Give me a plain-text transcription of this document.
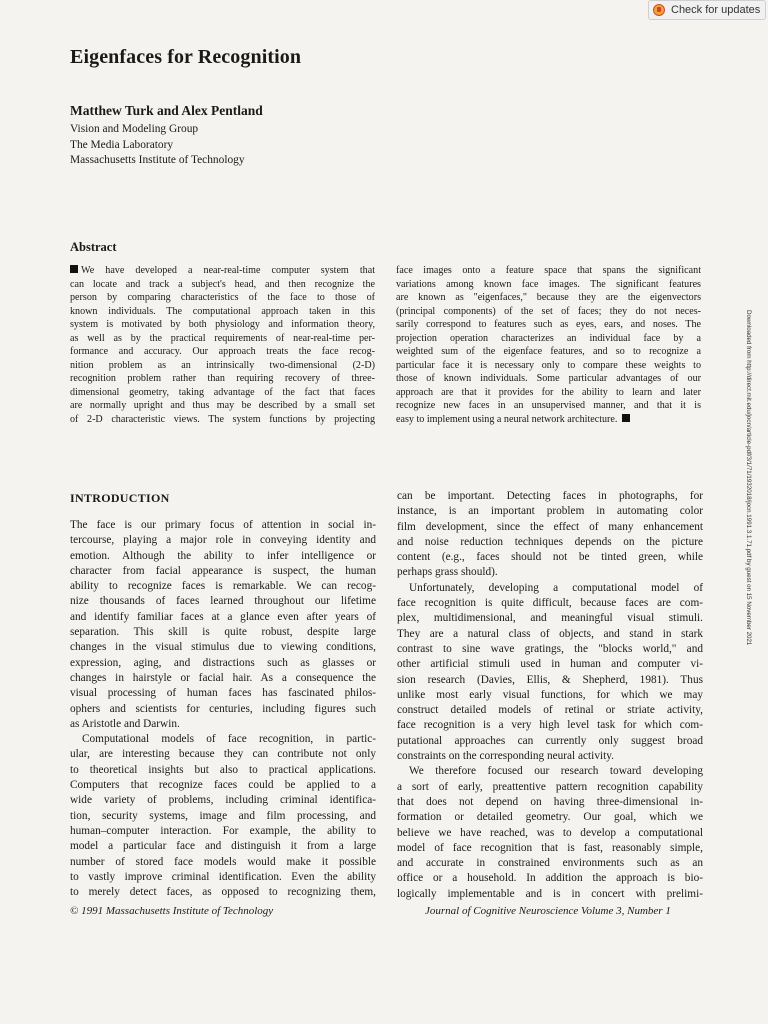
Check for updates
Eigenfaces for Recognition
Matthew Turk and Alex Pentland
Vision and Modeling Group
The Media Laboratory
Massachusetts Institute of Technology
Abstract
We have developed a near-real-time computer system that
can locate and track a subject's head, and then recognize the
person by comparing characteristics of the face to those of
known individuals. The computational approach taken in this
system is motivated by both physiology and information theory,
as well as by the practical requirements of near-real-time per-
formance and accuracy. Our approach treats the face recog-
nition problem as an intrinsically two-dimensional (2-D)
recognition problem rather than requiring recovery of three-
dimensional geometry, taking advantage of the fact that faces
are normally upright and thus may be described by a small set
of 2-D characteristic views. The system functions by projecting
face images onto a feature space that spans the significant
variations among known face images. The significant features
are known as "eigenfaces," because they are the eigenvectors
(principal components) of the set of faces; they do not neces-
sarily correspond to features such as eyes, ears, and noses. The
projection operation characterizes an individual face by a
weighted sum of the eigenface features, and so to recognize a
particular face it is necessary only to compare these weights to
those of known individuals. Some particular advantages of our
approach are that it provides for the ability to learn and later
recognize new faces in an unsupervised manner, and that it is
easy to implement using a neural network architecture.
INTRODUCTION
The face is our primary focus of attention in social in-
tercourse, playing a major role in conveying identity and
emotion. Although the ability to infer intelligence or
character from facial appearance is suspect, the human
ability to recognize faces is remarkable. We can recog-
nize thousands of faces learned throughout our lifetime
and identify familiar faces at a glance even after years of
separation. This skill is quite robust, despite large
changes in the visual stimulus due to viewing conditions,
expression, aging, and distractions such as glasses or
changes in hairstyle or facial hair. As a consequence the
visual processing of human faces has fascinated philos-
ophers and scientists for centuries, including figures such
as Aristotle and Darwin.
Computational models of face recognition, in partic-
ular, are interesting because they can contribute not only
to theoretical insights but also to practical applications.
Computers that recognize faces could be applied to a
wide variety of problems, including criminal identifica-
tion, security systems, image and film processing, and
human–computer interaction. For example, the ability to
model a particular face and distinguish it from a large
number of stored face models would make it possible
to vastly improve criminal identification. Even the ability
to merely detect faces, as opposed to recognizing them,
can be important. Detecting faces in photographs, for
instance, is an important problem in automating color
film development, since the effect of many enhancement
and noise reduction techniques depends on the picture
content (e.g., faces should not be tinted green, while
perhaps grass should).
Unfortunately, developing a computational model of
face recognition is quite difficult, because faces are com-
plex, multidimensional, and meaningful visual stimuli.
They are a natural class of objects, and stand in stark
contrast to sine wave gratings, the "blocks world," and
other artificial stimuli used in human and computer vi-
sion research (Davies, Ellis, & Shepherd, 1981). Thus
unlike most early visual functions, for which we may
construct detailed models of retinal or striate activity,
face recognition is a very high level task for which com-
putational approaches can currently only suggest broad
constraints on the corresponding neural activity.
We therefore focused our research toward developing
a sort of early, preattentive pattern recognition capability
that does not depend on having three-dimensional in-
formation or detailed geometry. Our goal, which we
believe we have reached, was to develop a computational
model of face recognition that is fast, reasonably simple,
and accurate in constrained environments such as an
office or a household. In addition the approach is bio-
logically implementable and is in concert with prelimi-
© 1991 Massachusetts Institute of Technology	Journal of Cognitive Neuroscience Volume 3, Number 1
Downloaded from http://direct.mit.edu/jocn/article-pdf/3/1/71/1932018/jocn.1991.3.1.71.pdf by guest on 15 November 2021
